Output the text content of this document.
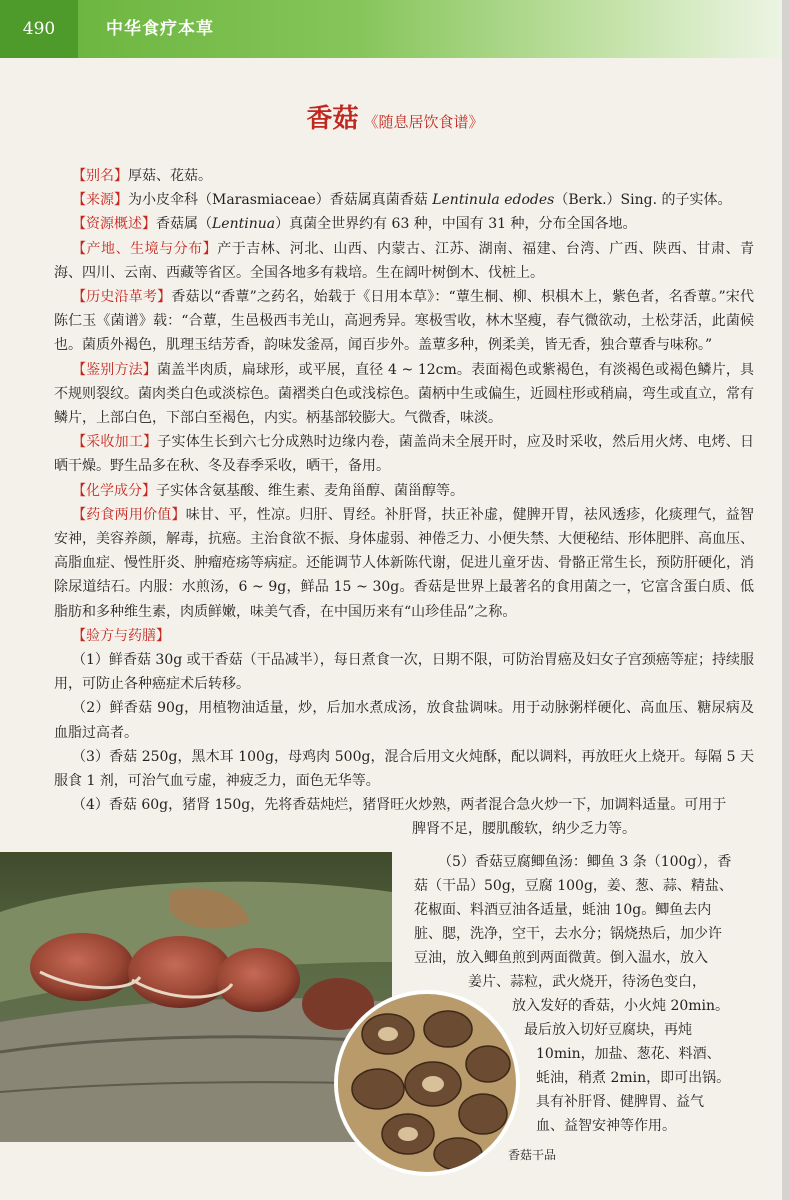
490	中华食疗本草
香菇 《随息居饮食谱》

【别名】厚菇、花菇。

【来源】为小皮伞科（Marasmiaceae）香菇属真菌香菇 Lentinula edodes（Berk.）Sing. 的子实体。

【资源概述】香菇属（Lentinua）真菌全世界约有 63 种，中国有 31 种，分布全国各地。

【产地、生境与分布】产于吉林、河北、山西、内蒙古、江苏、湖南、福建、台湾、广西、陕西、甘肃、青海、四川、云南、西藏等省区。全国各地多有栽培。生在阔叶树倒木、伐桩上。

【历史沿革考】香菇以“香蕈”之药名，始载于《日用本草》：“蕈生桐、柳、枳椇木上，紫色者，名香蕈。”宋代陈仁玉《菌谱》载：“合蕈，生邑极西韦羌山，高迥秀异。寒极雪收，林木坚瘦，春气微欲动，土松芽活，此菌候也。菌质外褐色，肌理玉结芳香，韵味发釜鬲，闻百步外。盖蕈多种，例柔美，皆无香，独合蕈香与味称。”

【鉴别方法】菌盖半肉质，扁球形，或平展，直径 4 ~ 12cm。表面褐色或紫褐色，有淡褐色或褐色鳞片，具不规则裂纹。菌肉类白色或淡棕色。菌褶类白色或浅棕色。菌柄中生或偏生，近圆柱形或稍扁，弯生或直立，常有鳞片，上部白色，下部白至褐色，内实。柄基部较膨大。气微香，味淡。

【采收加工】子实体生长到六七分成熟时边缘内卷，菌盖尚未全展开时，应及时采收，然后用火烤、电烤、日晒干燥。野生品多在秋、冬及春季采收，晒干，备用。

【化学成分】子实体含氨基酸、维生素、麦角甾醇、菌甾醇等。

【药食两用价值】味甘、平，性凉。归肝、胃经。补肝肾，扶正补虚，健脾开胃，祛风透疹，化痰理气，益智安神，美容养颜，解毒，抗癌。主治食欲不振、身体虚弱、神倦乏力、小便失禁、大便秘结、形体肥胖、高血压、高脂血症、慢性肝炎、肿瘤疮疡等病症。还能调节人体新陈代谢，促进儿童牙齿、骨骼正常生长，预防肝硬化，消除尿道结石。内服：水煎汤，6 ~ 9g，鲜品 15 ~ 30g。香菇是世界上最著名的食用菌之一，它富含蛋白质、低脂肪和多种维生素，肉质鲜嫩，味美气香，在中国历来有“山珍佳品”之称。

【验方与药膳】

（1）鲜香菇 30g 或干香菇（干品减半），每日煮食一次，日期不限，可防治胃癌及妇女子宫颈癌等症；持续服用，可防止各种癌症术后转移。

（2）鲜香菇 90g，用植物油适量，炒，后加水煮成汤，放食盐调味。用于动脉粥样硬化、高血压、糖尿病及血脂过高者。

（3）香菇 250g，黑木耳 100g，母鸡肉 500g，混合后用文火炖酥，配以调料，再放旺火上烧开。每隔 5 天服食 1 剂，可治气血亏虚，神疲乏力，面色无华等。

（4）香菇 60g，猪肾 150g，先将香菇炖烂，猪肾旺火炒熟，两者混合急火炒一下，加调料适量。可用于

脾肾不足，腰肌酸软，纳少乏力等。

香菇干品
（5）香菇豆腐鲫鱼汤：鲫鱼 3 条（100g），香
菇（干品）50g，豆腐 100g，姜、葱、蒜、精盐、
花椒面、料酒豆油各适量，蚝油 10g。鲫鱼去内
脏、腮，洗净，空干，去水分；锅烧热后，加少许
豆油，放入鲫鱼煎到两面微黄。倒入温水，放入
姜片、蒜粒，武火烧开，待汤色变白，
放入发好的香菇，小火炖 20min。
最后放入切好豆腐块，再炖
10min，加盐、葱花、料酒、
蚝油，稍煮 2min，即可出锅。
具有补肝肾、健脾胃、益气
血、益智安神等作用。
